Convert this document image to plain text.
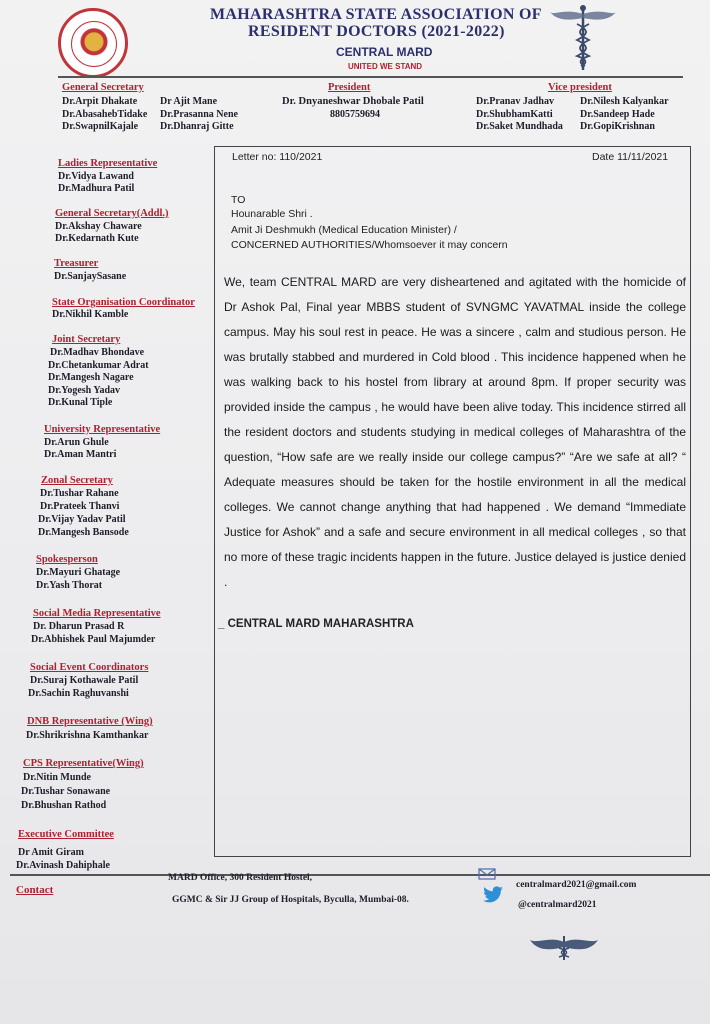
MAHARASHTRA STATE ASSOCIATION OF
RESIDENT DOCTORS (2021-2022)
CENTRAL MARD
UNITED WE STAND
General Secretary
Dr.Arpit Dhakate
Dr.AbasahebTidake
Dr.SwapnilKajale
Dr Ajit Mane
Dr.Prasanna Nene
Dr.Dhanraj Gitte
President
Dr. Dnyaneshwar Dhobale Patil
8805759694
Vice president
Dr.Pranav Jadhav
Dr.ShubhamKatti
Dr.Saket Mundhada
Dr.Nilesh Kalyankar
Dr.Sandeep Hade
Dr.GopiKrishnan
Ladies Representative
Dr.Vidya Lawand
Dr.Madhura Patil
General Secretary(Addl.)
Dr.Akshay Chaware
Dr.Kedarnath Kute
Treasurer
Dr.SanjaySasane
State Organisation Coordinator
Dr.Nikhil Kamble
Joint Secretary
Dr.Madhav Bhondave
Dr.Chetankumar Adrat
Dr.Mangesh Nagare
Dr.Yogesh Yadav
Dr.Kunal Tiple
University Representative
Dr.Arun Ghule
Dr.Aman Mantri
Zonal Secretary
Dr.Tushar Rahane
Dr.Prateek Thanvi
Dr.Vijay Yadav Patil
Dr.Mangesh Bansode
Spokesperson
Dr.Mayuri Ghatage
Dr.Yash Thorat
Social Media Representative
Dr. Dharun Prasad R
Dr.Abhishek Paul Majumder
Social Event Coordinators
Dr.Suraj Kothawale Patil
Dr.Sachin Raghuvanshi
DNB Representative (Wing)
Dr.Shrikrishna Kamthankar
CPS Representative(Wing)
Dr.Nitin Munde
Dr.Tushar Sonawane
Dr.Bhushan Rathod
Executive Committee
Dr Amit Giram
Dr.Avinash Dahiphale
Letter no: 110/2021	Date 11/11/2021
TO
Hounarable Shri .
Amit Ji Deshmukh (Medical Education Minister) /
CONCERNED AUTHORITIES/Whomsoever it may concern
We, team CENTRAL MARD are very disheartened and agitated with the homicide of Dr Ashok Pal, Final year MBBS student of SVNGMC YAVATMAL inside the college campus. May his soul rest in peace. He was a sincere , calm and studious person. He was brutally stabbed and murdered in Cold blood . This incidence happened when he was walking back to his hostel from library at around 8pm. If proper security was provided inside the campus , he would have been alive today. This incidence stirred all the resident doctors and students studying in medical colleges of Maharashtra of the question, “How safe are we really inside our college campus?” “Are we safe at all? “ Adequate measures should be taken for the hostile environment in all the medical colleges. We cannot change anything that had happened . We demand “Immediate Justice for Ashok” and a safe and secure environment in all medical colleges , so that no more of these tragic incidents happen in the future. Justice delayed is justice denied .
_ CENTRAL MARD MAHARASHTRA
Contact
MARD Office, 300 Resident Hostel,
GGMC & Sir JJ Group of Hospitals, Byculla, Mumbai-08.
centralmard2021@gmail.com
@centralmard2021
